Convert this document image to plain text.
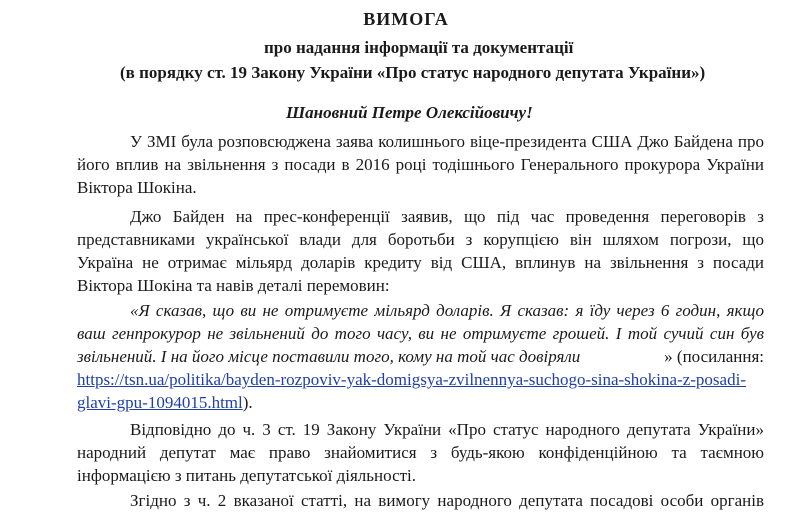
ВИМОГА
про надання інформації та документації
(в порядку ст. 19 Закону України «Про статус народного депутата України»)
Шановний Петре Олексійовичу!
У ЗМІ була розповсюджена заява колишнього віце-президента США Джо Байдена про
його вплив на звільнення з посади в 2016 році тодішнього Генерального прокурора України
Віктора Шокіна.
Джо Байден на прес-конференції заявив, що під час проведення переговорів з
представниками української влади для боротьби з корупцією він шляхом погрози, що
Україна не отримає мільярд доларів кредиту від США, вплинув на звільнення з посади
Віктора Шокіна та навів деталі перемовин:
«Я сказав, що ви не отримуєте мільярд доларів. Я сказав: я їду через 6 годин, якщо
ваш генпрокурор не звільнений до того часу, ви не отримуєте грошей. І той сучий син був
звільнений. І на його місце поставили того, кому на той час довіряли	» (посилання:
https://tsn.ua/politika/bayden-rozpoviv-yak-domigsya-zvilnennya-suchogo-sina-shokina-z-posadi-
glavi-gpu-1094015.html).
Відповідно до ч. 3 ст. 19 Закону України «Про статус народного депутата України»
народний депутат має право знайомитися з будь-якою конфіденційною та таємною
інформацією з питань депутатської діяльності.
Згідно з ч. 2 вказаної статті, на вимогу народного депутата посадові особи органів
